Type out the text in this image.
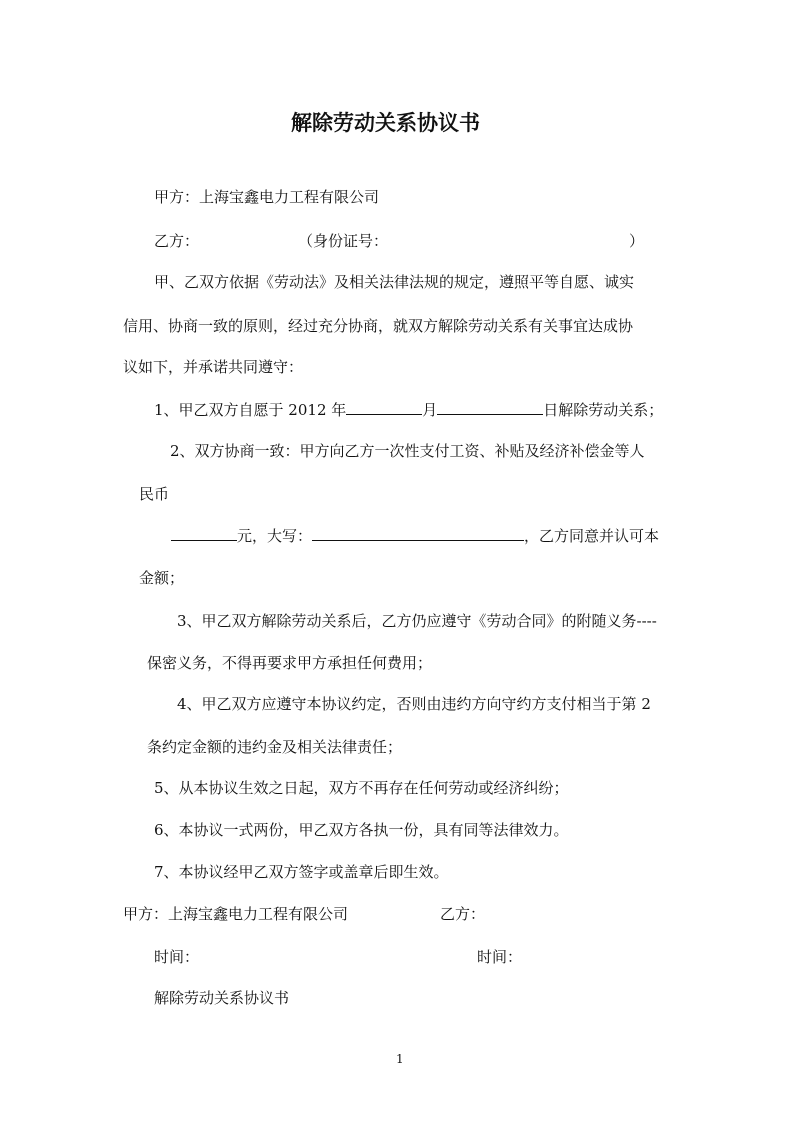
解除劳动关系协议书
甲方：上海宝鑫电力工程有限公司
乙方：	（身份证号：	）
甲、乙双方依据《劳动法》及相关法律法规的规定，遵照平等自愿、诚实
信用、协商一致的原则，经过充分协商，就双方解除劳动关系有关事宜达成协
议如下，并承诺共同遵守：
1、甲乙双方自愿于 2012 年	月	日解除劳动关系；
2、双方协商一致：甲方向乙方一次性支付工资、补贴及经济补偿金等人
民币
元，大写：	，乙方同意并认可本
金额；
3、甲乙双方解除劳动关系后，乙方仍应遵守《劳动合同》的附随义务----
保密义务，不得再要求甲方承担任何费用；
4、甲乙双方应遵守本协议约定，否则由违约方向守约方支付相当于第 2
条约定金额的违约金及相关法律责任；
5、从本协议生效之日起，双方不再存在任何劳动或经济纠纷；
6、本协议一式两份，甲乙双方各执一份，具有同等法律效力。
7、本协议经甲乙双方签字或盖章后即生效。
甲方：上海宝鑫电力工程有限公司	乙方：
时间：	时间：
解除劳动关系协议书
1
